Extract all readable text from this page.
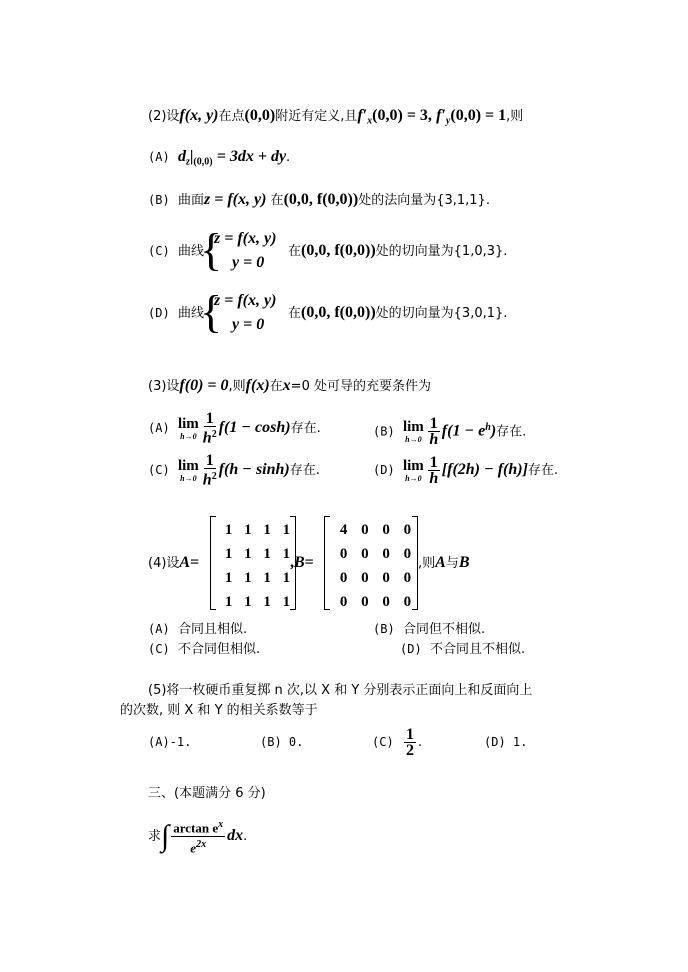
(2)设f(x, y)在点(0,0)附近有定义,且$f'_x(0,0) = 3$, $f'_y(0,0) = 1$,则
(A) $d_z|_{(0,0)} = 3dx$ + dy.
(B) 曲面z = f(x, y) 在(0,0, f(0,0))处的法向量为{3,1,1}.
(C) 曲线
{
z = f(x, y)
y = 0
在(0,0, f(0,0))处的切向量为{1,0,3}.
(D) 曲线
{
z = f(x, y)
y = 0
在(0,0, f(0,0))处的切向量为{3,0,1}.
(3)设f(0) = 0,则f(x)在x=0 处可导的充要条件为
(A) lim
$h\to 0 \frac{1}{h^2} f(1 - \cosh)$存在.	(B) lim
$h\to 0 \frac{1}{h} f(1 - e^h)$存在.
(C) lim
$h\to 0 \frac{1}{h^2} f(h - \sinh)$存在.	(D) lim
$h\to 0 \frac{1}{h} [f(2h) - f(h)]$存在.
(4)设A=
1	1	1	1
1	1	1	1
1	1	1	1
1	1	1	1
,B=
4	0	0	0
0	0	0	0
0	0	0	0
0	0	0	0
,则A与B
(A) 合同且相似.	(B) 合同但不相似.
(C) 不合同但相似.	(D) 不合同且不相似.
(5)将一枚硬币重复掷 n 次,以 X 和 Y 分别表示正面向上和反面向上
的次数, 则 X 和 Y 的相关系数等于
(A)-1.	(B) 0.	$(C) \frac{1}{2}$ .	(D) 1.
三、(本题满分 6 分)
求∫ $\frac{\arctan e^x}{e^{2x}}$ dx.
